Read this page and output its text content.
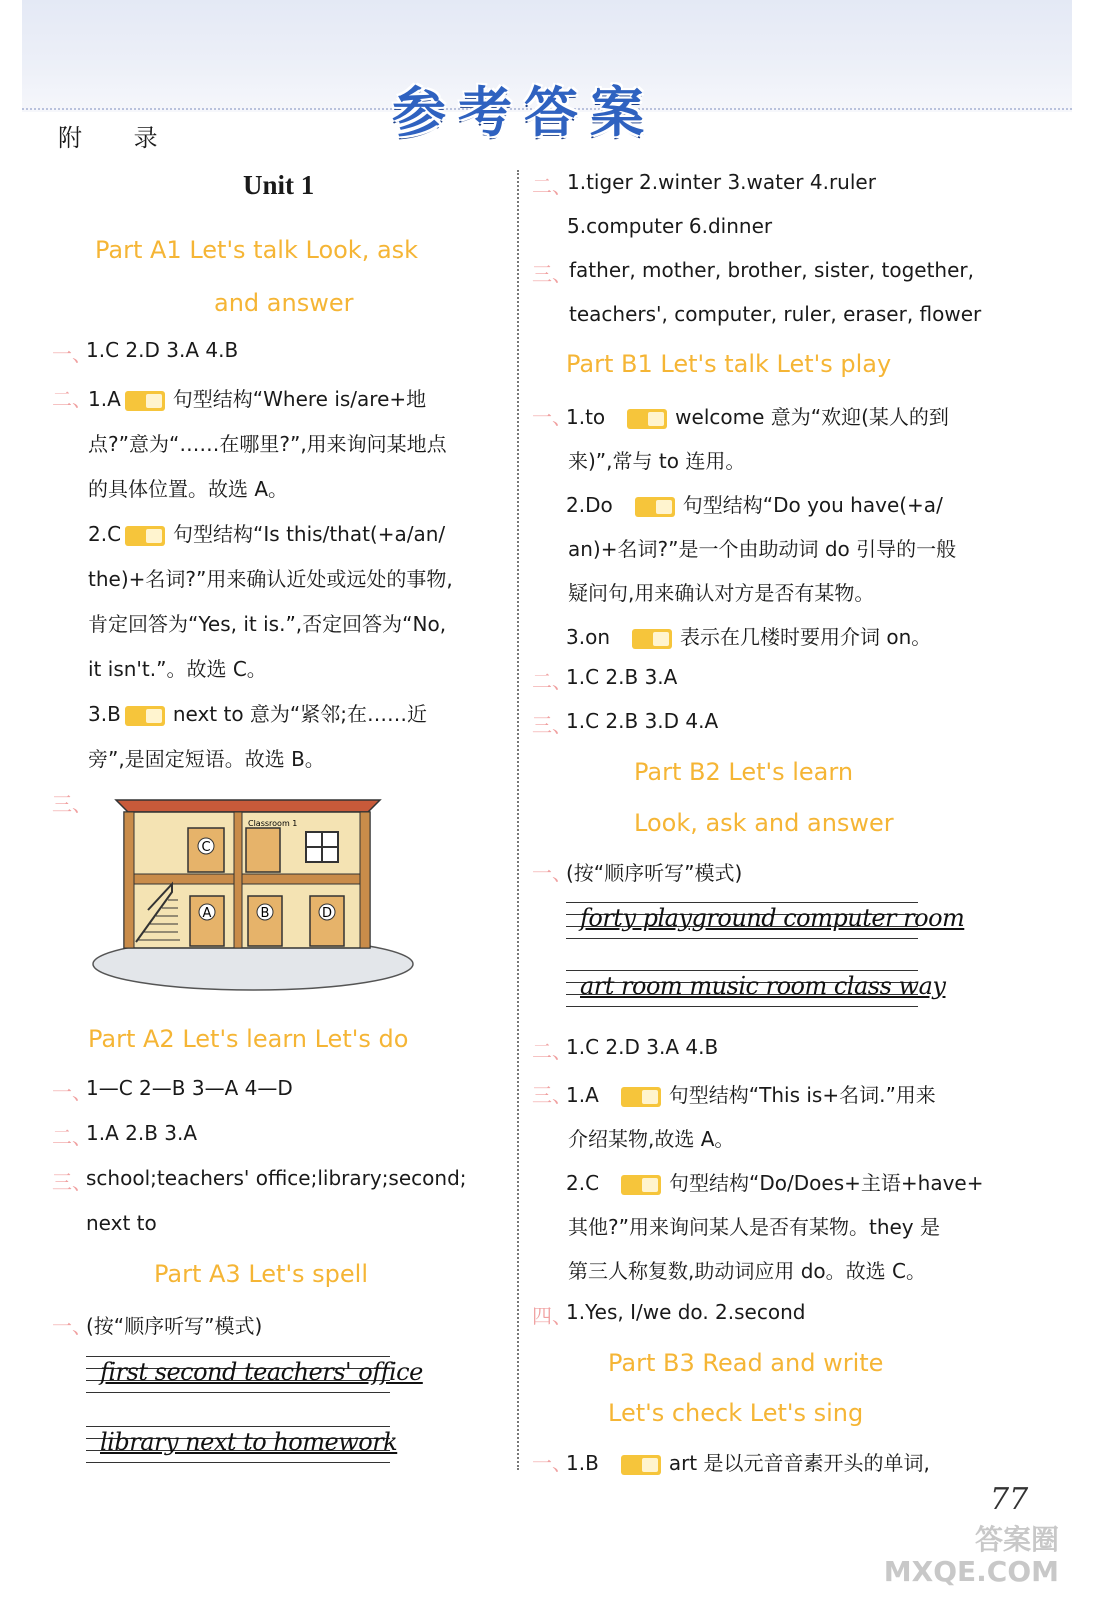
参 考 答 案
附 录
Unit 1
Part A1 Let's talk Look, ask
and answer
一、
1.C 2.D 3.A 4.B
二、
1.A	句型结构“Where is/are+地
点?”意为“……在哪里?”,用来询问某地点
的具体位置。故选 A。
2.C	句型结构“Is this/that(+a/an/
the)+名词?”用来确认近处或远处的事物,
肯定回答为“Yes, it is.”,否定回答为“No,
it isn't.”。故选 C。
3.B	next to 意为“紧邻;在……近
旁”,是固定短语。故选 B。
三、
C
Classroom 1
A	B	D
Part A2 Let's learn Let's do
一、
1—C 2—B 3—A 4—D
二、
1.A 2.B 3.A
三、
school;teachers' office;library;second;
next to
Part A3 Let's spell
一、
(按“顺序听写”模式)
first second teachers' office
library next to homework
二、
1.tiger 2.winter 3.water 4.ruler
5.computer 6.dinner
三、
father, mother, brother, sister, together,
teachers', computer, ruler, eraser, flower
Part B1 Let's talk Let's play
一、
1.to	welcome 意为“欢迎(某人的到
来)”,常与 to 连用。
2.Do	句型结构“Do you have(+a/
an)+名词?”是一个由助动词 do 引导的一般
疑问句,用来确认对方是否有某物。
3.on	表示在几楼时要用介词 on。
二、
1.C 2.B 3.A
三、
1.C 2.B 3.D 4.A
Part B2 Let's learn
Look, ask and answer
一、
(按“顺序听写”模式)
forty playground computer room
art room music room class way
二、
1.C 2.D 3.A 4.B
三、
1.A	句型结构“This is+名词.”用来
介绍某物,故选 A。
2.C	句型结构“Do/Does+主语+have+
其他?”用来询问某人是否有某物。they 是
第三人称复数,助动词应用 do。故选 C。
四、
1.Yes, I/we do. 2.second
Part B3 Read and write
Let's check Let's sing
一、
1.B	art 是以元音音素开头的单词,
77
答案圈
MXQE.COM
